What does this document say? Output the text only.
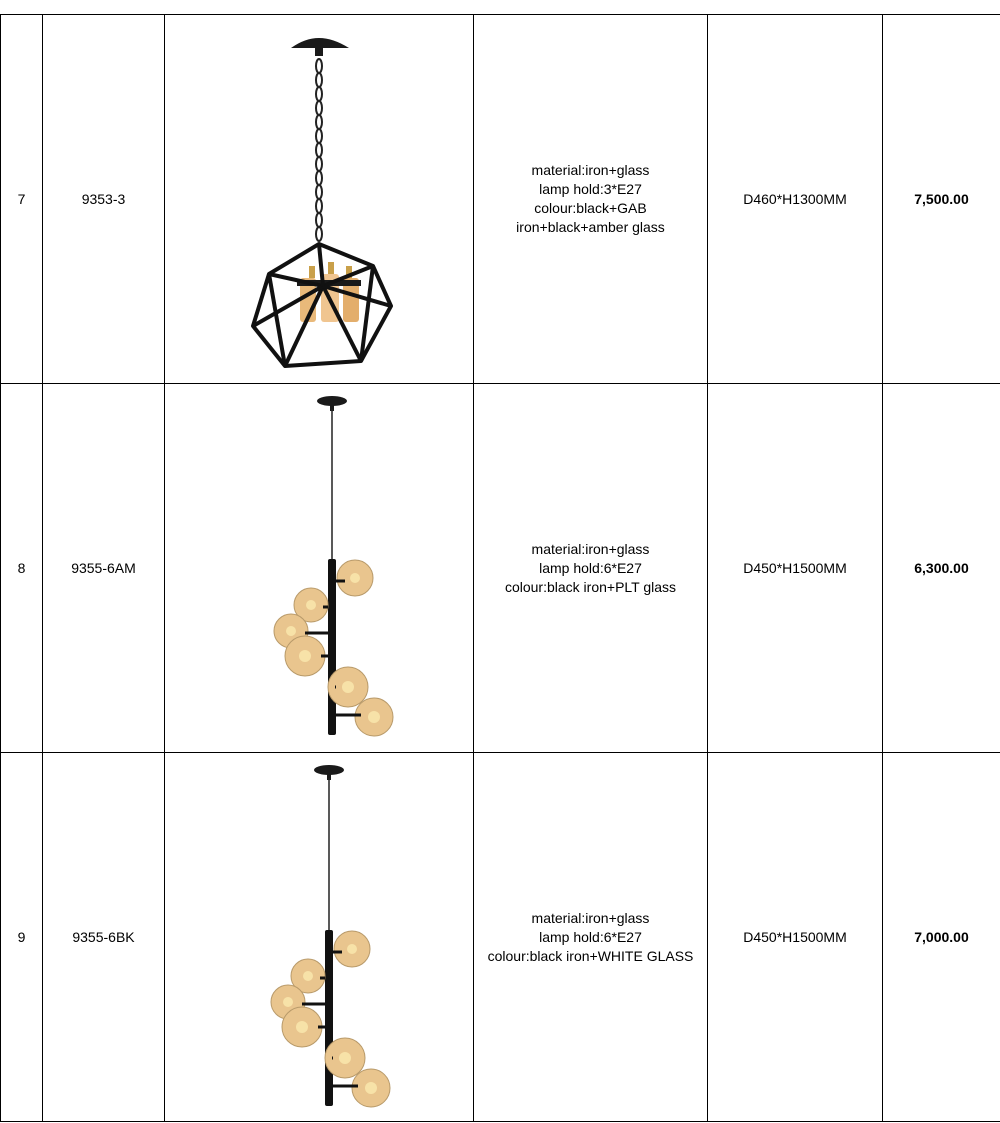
7	9353-3		material:iron+glass
lamp hold:3*E27
colour:black+GAB
iron+black+amber glass	D460*H1300MM	7,500.00
8	9355-6AM		material:iron+glass
lamp hold:6*E27
colour:black iron+PLT glass	D450*H1500MM	6,300.00
9	9355-6BK		material:iron+glass
lamp hold:6*E27
colour:black iron+WHITE GLASS	D450*H1500MM	7,000.00
